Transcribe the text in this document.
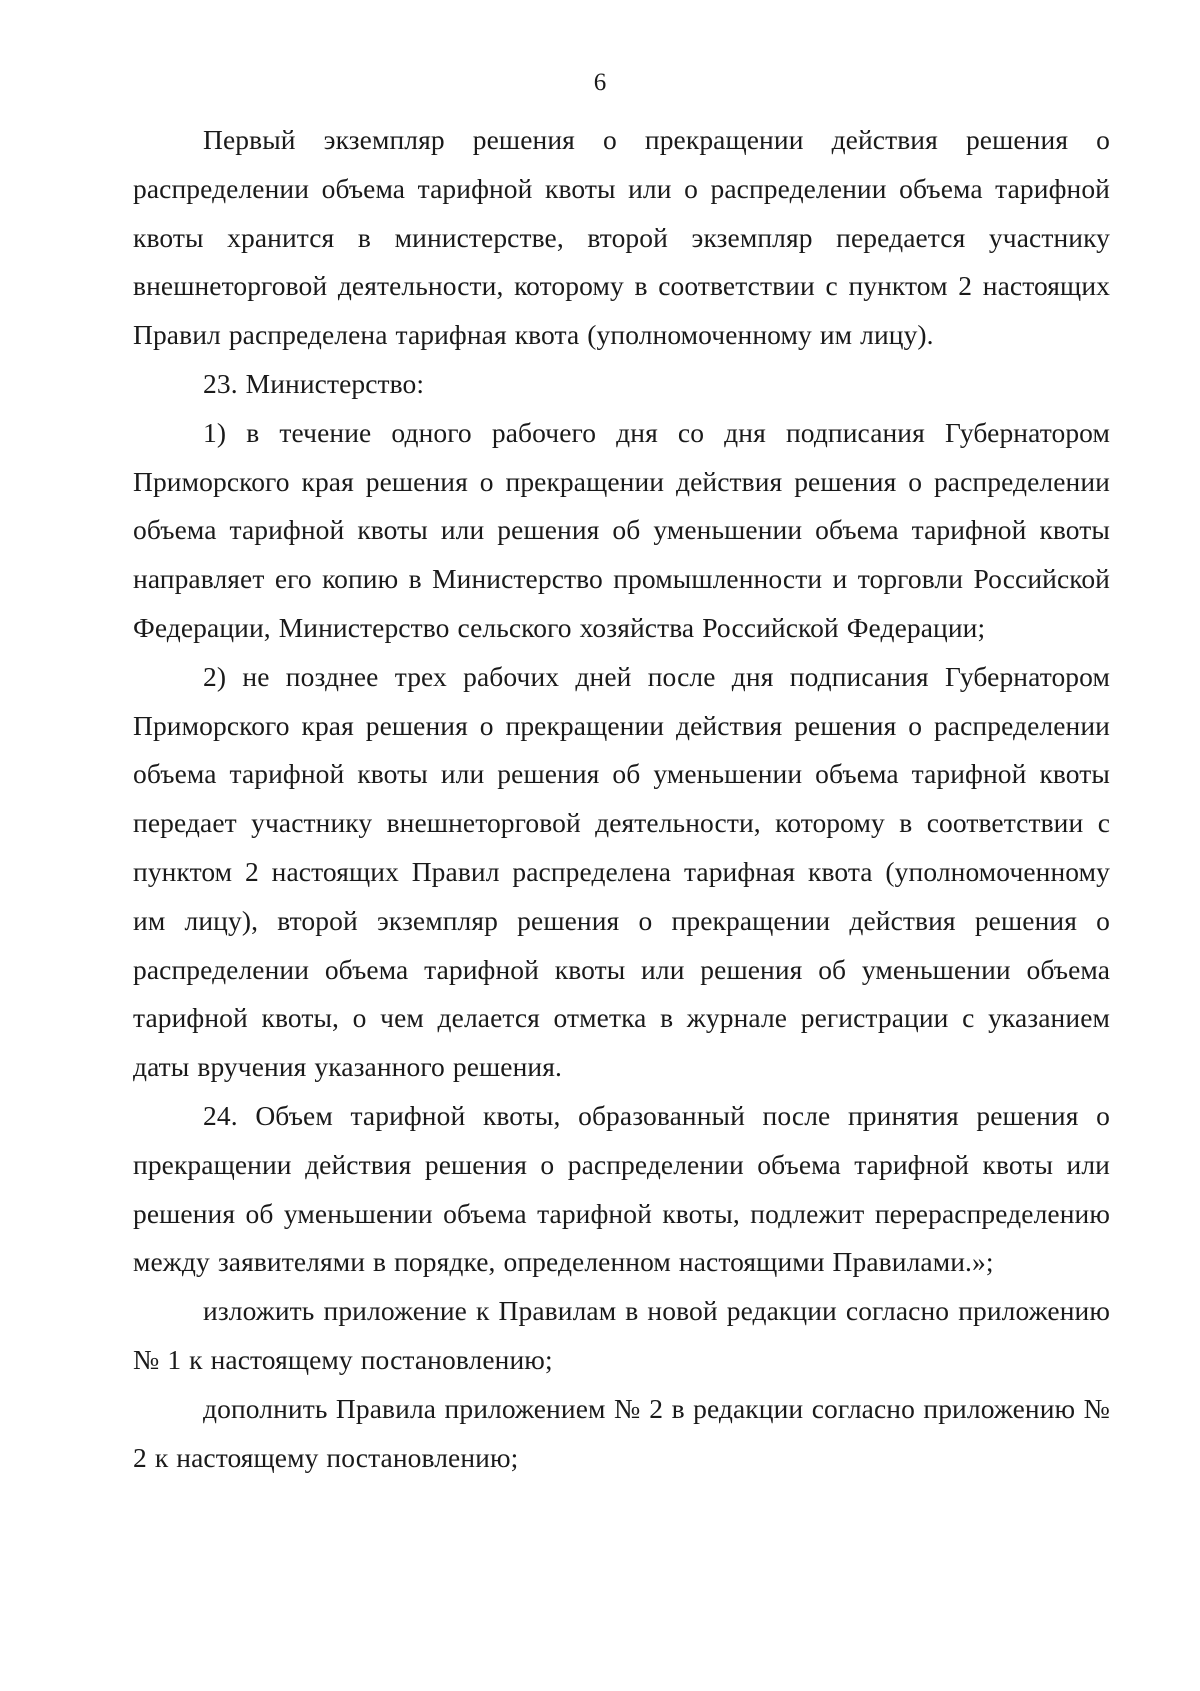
6

Первый экземпляр решения о прекращении действия решения о распределении объема тарифной квоты или о распределении объема тарифной квоты хранится в министерстве, второй экземпляр передается участнику внешнеторговой деятельности, которому в соответствии с пунктом 2 настоящих Правил распределена тарифная квота (уполномоченному им лицу).

23. Министерство:

1) в течение одного рабочего дня со дня подписания Губернатором Приморского края решения о прекращении действия решения о распределении объема тарифной квоты или решения об уменьшении объема тарифной квоты направляет его копию в Министерство промышленности и торговли Российской Федерации, Министерство сельского хозяйства Российской Федерации;

2) не позднее трех рабочих дней после дня подписания Губернатором Приморского края решения о прекращении действия решения о распределении объема тарифной квоты или решения об уменьшении объема тарифной квоты передает участнику внешнеторговой деятельности, которому в соответствии с пунктом 2 настоящих Правил распределена тарифная квота (уполномоченному им лицу), второй экземпляр решения о прекращении действия решения о распределении объема тарифной квоты или решения об уменьшении объема тарифной квоты, о чем делается отметка в журнале регистрации с указанием даты вручения указанного решения.

24. Объем тарифной квоты, образованный после принятия решения о прекращении действия решения о распределении объема тарифной квоты или решения об уменьшении объема тарифной квоты, подлежит перераспределению между заявителями в порядке, определенном настоящими Правилами.»;

изложить приложение к Правилам в новой редакции согласно приложению № 1 к настоящему постановлению;

дополнить Правила приложением № 2 в редакции согласно приложению № 2 к настоящему постановлению;
